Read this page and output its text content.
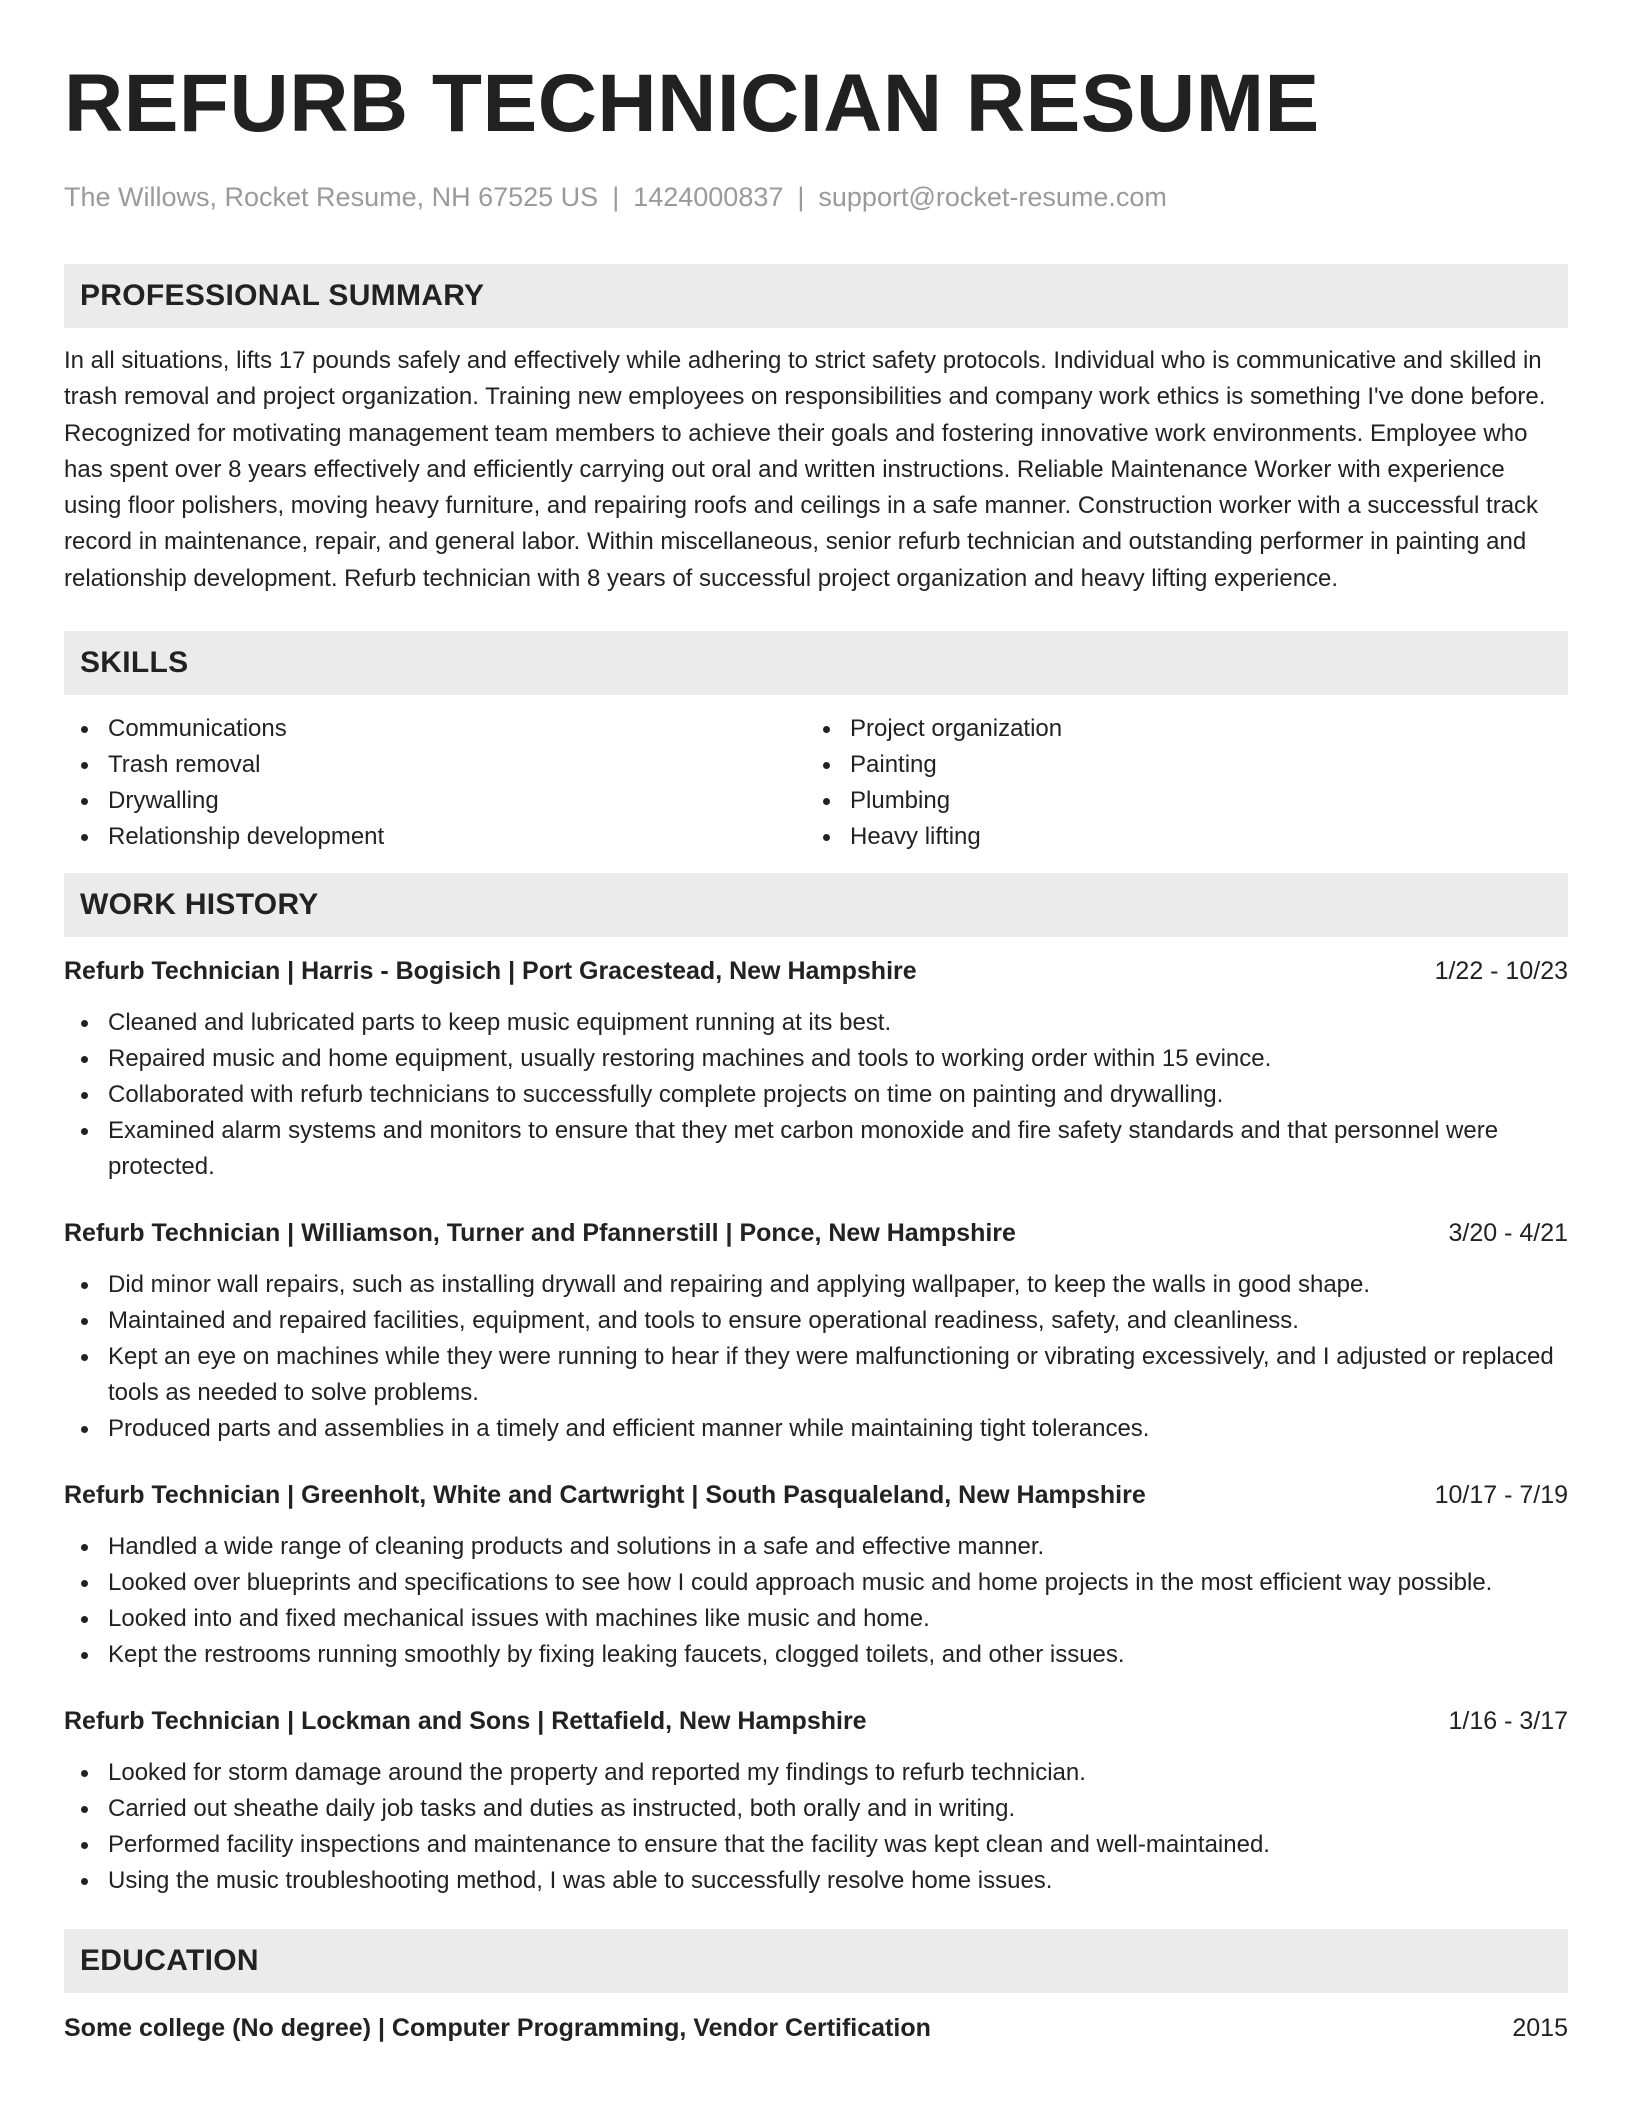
REFURB TECHNICIAN RESUME
The Willows, Rocket Resume, NH 67525 US | 1424000837 | support@rocket-resume.com
PROFESSIONAL SUMMARY

In all situations, lifts 17 pounds safely and effectively while adhering to strict safety protocols. Individual who is communicative and skilled in trash removal and project organization. Training new employees on responsibilities and company work ethics is something I've done before. Recognized for motivating management team members to achieve their goals and fostering innovative work environments. Employee who has spent over 8 years effectively and efficiently carrying out oral and written instructions. Reliable Maintenance Worker with experience using floor polishers, moving heavy furniture, and repairing roofs and ceilings in a safe manner. Construction worker with a successful track record in maintenance, repair, and general labor. Within miscellaneous, senior refurb technician and outstanding performer in painting and relationship development. Refurb technician with 8 years of successful project organization and heavy lifting experience.

SKILLS
Communications
Trash removal
Drywalling
Relationship development
Project organization
Painting
Plumbing
Heavy lifting
WORK HISTORY
Refurb Technician | Harris - Bogisich | Port Gracestead, New Hampshire	1/22 - 10/23
Cleaned and lubricated parts to keep music equipment running at its best.
Repaired music and home equipment, usually restoring machines and tools to working order within 15 evince.
Collaborated with refurb technicians to successfully complete projects on time on painting and drywalling.
Examined alarm systems and monitors to ensure that they met carbon monoxide and fire safety standards and that personnel were protected.
Refurb Technician | Williamson, Turner and Pfannerstill | Ponce, New Hampshire	3/20 - 4/21
Did minor wall repairs, such as installing drywall and repairing and applying wallpaper, to keep the walls in good shape.
Maintained and repaired facilities, equipment, and tools to ensure operational readiness, safety, and cleanliness.
Kept an eye on machines while they were running to hear if they were malfunctioning or vibrating excessively, and I adjusted or replaced tools as needed to solve problems.
Produced parts and assemblies in a timely and efficient manner while maintaining tight tolerances.
Refurb Technician | Greenholt, White and Cartwright | South Pasqualeland, New Hampshire	10/17 - 7/19
Handled a wide range of cleaning products and solutions in a safe and effective manner.
Looked over blueprints and specifications to see how I could approach music and home projects in the most efficient way possible.
Looked into and fixed mechanical issues with machines like music and home.
Kept the restrooms running smoothly by fixing leaking faucets, clogged toilets, and other issues.
Refurb Technician | Lockman and Sons | Rettafield, New Hampshire	1/16 - 3/17
Looked for storm damage around the property and reported my findings to refurb technician.
Carried out sheathe daily job tasks and duties as instructed, both orally and in writing.
Performed facility inspections and maintenance to ensure that the facility was kept clean and well-maintained.
Using the music troubleshooting method, I was able to successfully resolve home issues.
EDUCATION
Some college (No degree) | Computer Programming, Vendor Certification	2015
